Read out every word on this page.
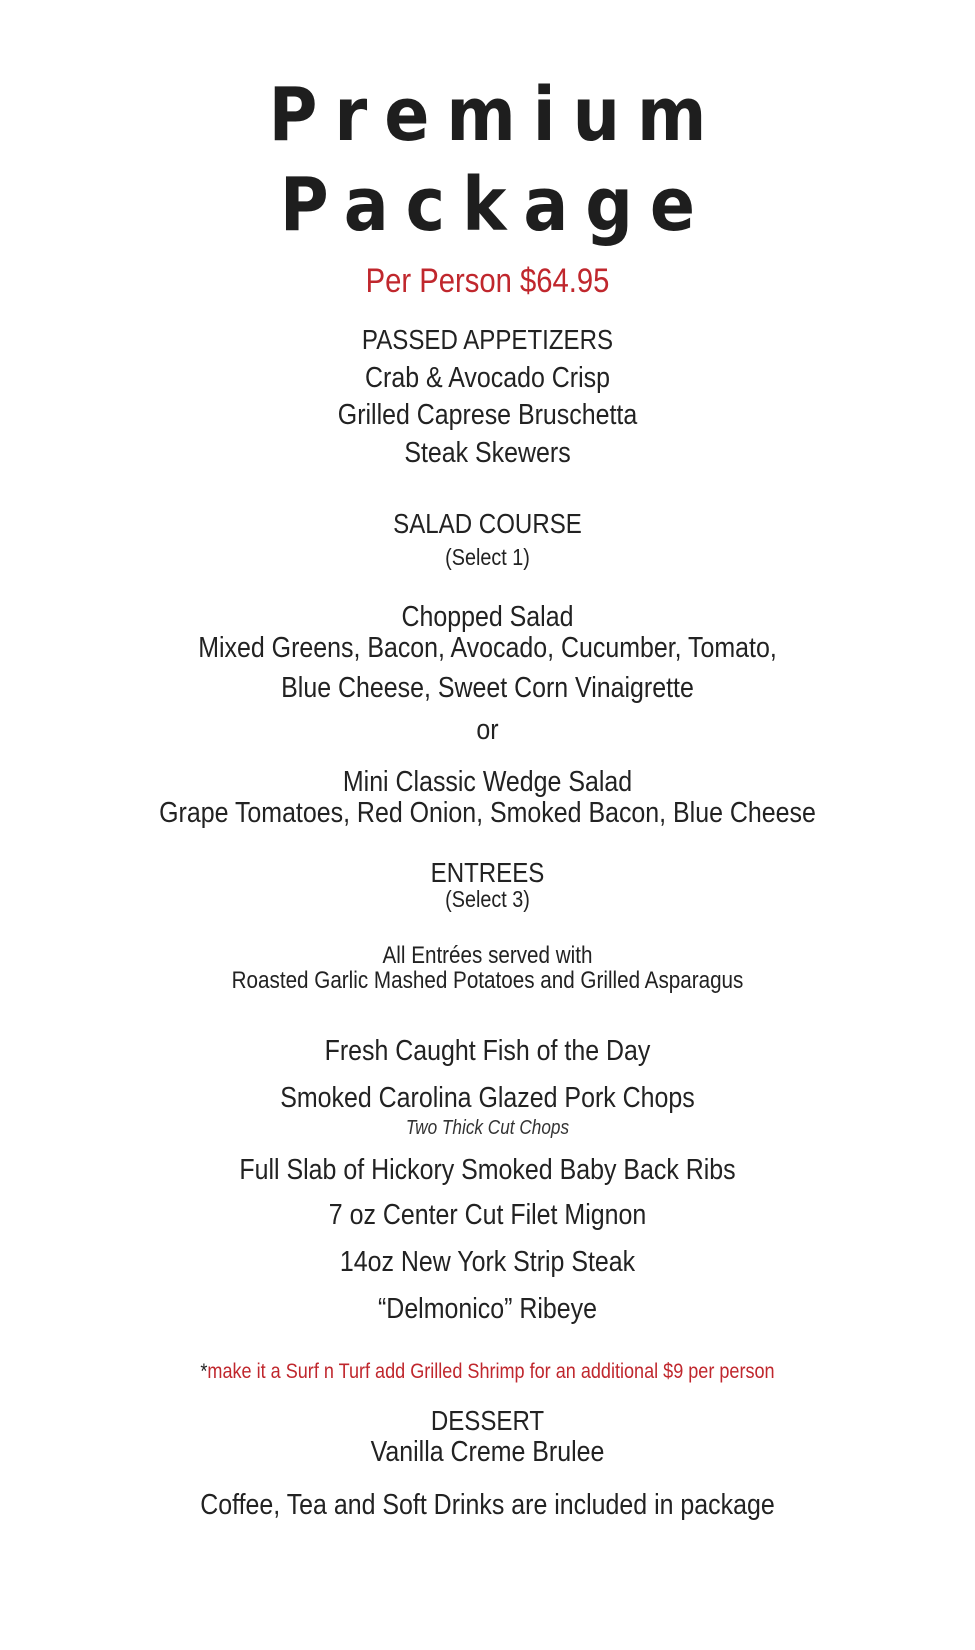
Premium
Package
Per Person $64.95
PASSED APPETIZERS
Crab & Avocado Crisp
Grilled Caprese Bruschetta
Steak Skewers
SALAD COURSE
(Select 1)
Chopped Salad
Mixed Greens, Bacon, Avocado, Cucumber, Tomato,
Blue Cheese, Sweet Corn Vinaigrette
or
Mini Classic Wedge Salad
Grape Tomatoes, Red Onion, Smoked Bacon, Blue Cheese
ENTREES
(Select 3)
All Entrées served with
Roasted Garlic Mashed Potatoes and Grilled Asparagus
Fresh Caught Fish of the Day
Smoked Carolina Glazed Pork Chops
Two Thick Cut Chops
Full Slab of Hickory Smoked Baby Back Ribs
7 oz Center Cut Filet Mignon
14oz New York Strip Steak
“Delmonico” Ribeye
*make it a Surf n Turf add Grilled Shrimp for an additional $9 per person
DESSERT
Vanilla Creme Brulee
Coffee, Tea and Soft Drinks are included in package
